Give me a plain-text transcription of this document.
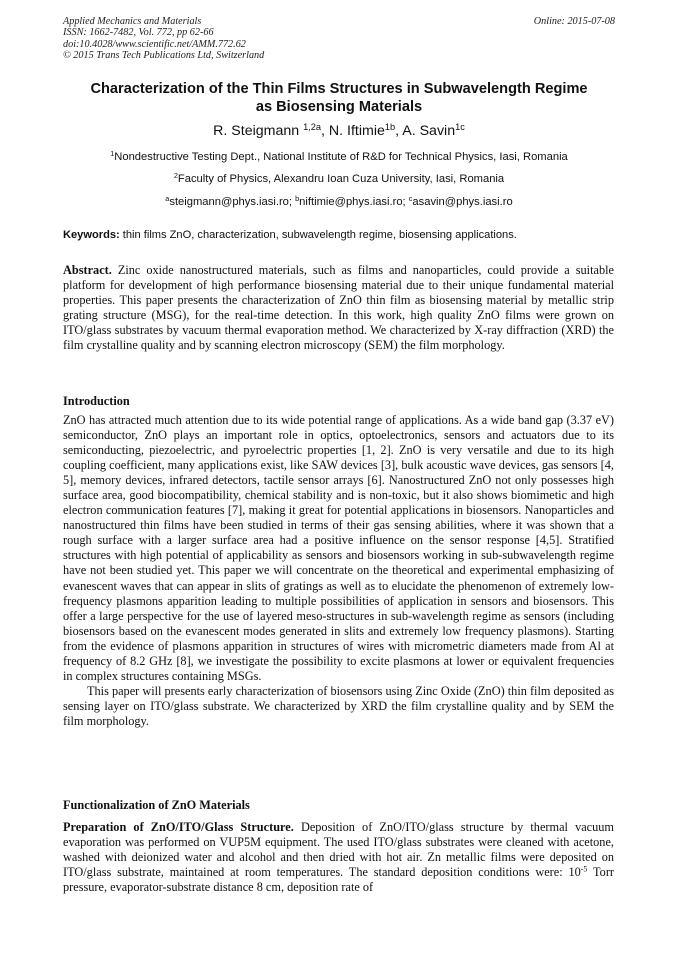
Applied Mechanics and Materials
ISSN: 1662-7482, Vol. 772, pp 62-66
doi:10.4028/www.scientific.net/AMM.772.62
© 2015 Trans Tech Publications Ltd, Switzerland
Online: 2015-07-08
Characterization of the Thin Films Structures in Subwavelength Regime
as Biosensing Materials
R. Steigmann $^{1,2a}$, N. Iftimie$^{1b}$, A. Savin$^{1c}$
$^1$Nondestructive Testing Dept., National Institute of R&D for Technical Physics, Iasi, Romania
$^2$Faculty of Physics, Alexandru Ioan Cuza University, Iasi, Romania
$^a$steigmann@phys.iasi.ro; $^b$niftimie@phys.iasi.ro; $^c$asavin@phys.iasi.ro
Keywords: thin films ZnO, characterization, subwavelength regime, biosensing applications.
Abstract. Zinc oxide nanostructured materials, such as films and nanoparticles, could provide a suitable platform for development of high performance biosensing material due to their unique fundamental material properties. This paper presents the characterization of ZnO thin film as biosensing material by metallic strip grating structure (MSG), for the real-time detection. In this work, high quality ZnO films were grown on ITO/glass substrates by vacuum thermal evaporation method. We characterized by X-ray diffraction (XRD) the film crystalline quality and by scanning electron microscopy (SEM) the film morphology.
Introduction

ZnO has attracted much attention due to its wide potential range of applications. As a wide band gap (3.37 eV) semiconductor, ZnO plays an important role in optics, optoelectronics, sensors and actuators due to its semiconducting, piezoelectric, and pyroelectric properties [1, 2]. ZnO is very versatile and due to its high coupling coefficient, many applications exist, like SAW devices [3], bulk acoustic wave devices, gas sensors [4, 5], memory devices, infrared detectors, tactile sensor arrays [6]. Nanostructured ZnO not only possesses high surface area, good biocompatibility, chemical stability and is non-toxic, but it also shows biomimetic and high electron communication features [7], making it great for potential applications in biosensors. Nanoparticles and nanostructured thin films have been studied in terms of their gas sensing abilities, where it was shown that a rough surface with a larger surface area had a positive influence on the sensor response [4,5]. Stratified structures with high potential of applicability as sensors and biosensors working in sub-subwavelength regime have not been studied yet. This paper we will concentrate on the theoretical and experimental emphasizing of evanescent waves that can appear in slits of gratings as well as to elucidate the phenomenon of extremely low-frequency plasmons apparition leading to multiple possibilities of application in sensors and biosensors. This offer a large perspective for the use of layered meso-structures in sub-wavelength regime as sensors (including biosensors based on the evanescent modes generated in slits and extremely low frequency plasmons). Starting from the evidence of plasmons apparition in structures of wires with micrometric diameters made from Al at frequency of 8.2 GHz [8], we investigate the possibility to excite plasmons at lower or equivalent frequencies in complex structures containing MSGs.

This paper will presents early characterization of biosensors using Zinc Oxide (ZnO) thin film deposited as sensing layer on ITO/glass substrate. We characterized by XRD the film crystalline quality and by SEM the film morphology.

Functionalization of ZnO Materials
Preparation of ZnO/ITO/Glass Structure. Deposition of ZnO/ITO/glass structure by thermal vacuum evaporation was performed on VUP5M equipment. The used ITO/glass substrates were cleaned with acetone, washed with deionized water and alcohol and then dried with hot air. Zn metallic films were deposited on ITO/glass substrate, maintained at room temperatures. The standard deposition conditions were: $10^{-5}$ Torr pressure, evaporator-substrate distance 8 cm, deposition rate of
